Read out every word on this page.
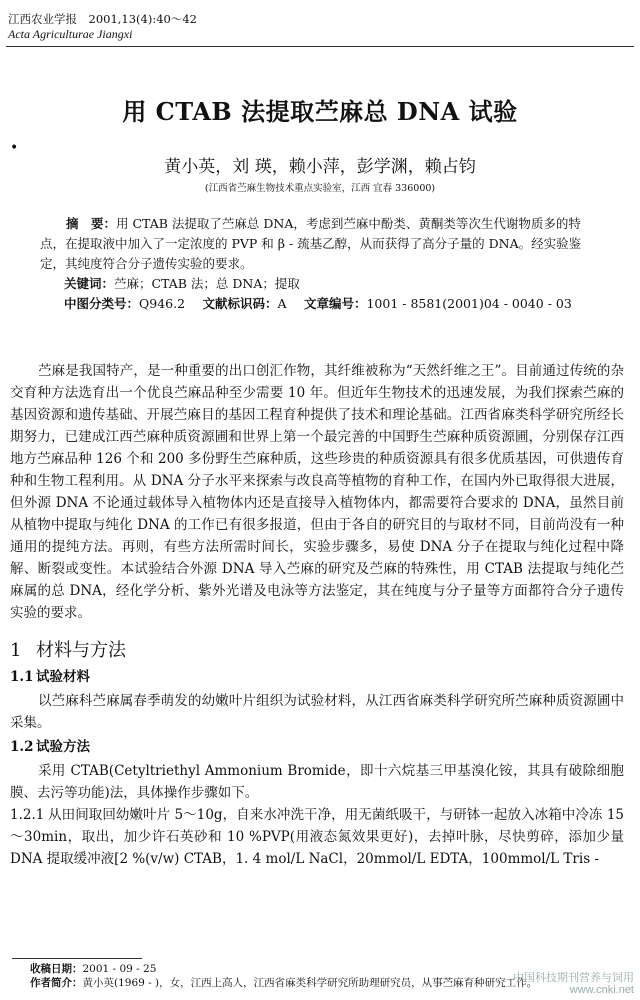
江西农业学报　2001,13(4):40～42
Acta Agriculturae Jiangxi
用 CTAB 法提取苎麻总 DNA 试验
•
黄小英，刘 瑛，赖小萍，彭学渊，赖占钧
(江西省苎麻生物技术重点实验室，江西 宜春 336000)

摘　要：用 CTAB 法提取了苎麻总 DNA，考虑到苎麻中酚类、黄酮类等次生代谢物质多的特点，在提取液中加入了一定浓度的 PVP 和 β - 巯基乙醇，从而获得了高分子量的 DNA。经实验鉴定，其纯度符合分子遗传实验的要求。

关键词：苎麻；CTAB 法；总 DNA；提取
中图分类号：Q946.2 文献标识码：A 文章编号：1001 - 8581(2001)04 - 0040 - 03

苎麻是我国特产，是一种重要的出口创汇作物，其纤维被称为“天然纤维之王”。目前通过传统的杂交育种方法选育出一个优良苎麻品种至少需要 10 年。但近年生物技术的迅速发展，为我们探索苎麻的基因资源和遗传基础、开展苎麻目的基因工程育种提供了技术和理论基础。江西省麻类科学研究所经长期努力，已建成江西苎麻种质资源圃和世界上第一个最完善的中国野生苎麻种质资源圃，分别保存江西地方苎麻品种 126 个和 200 多份野生苎麻种质，这些珍贵的种质资源具有很多优质基因，可供遗传育种和生物工程利用。从 DNA 分子水平来探索与改良高等植物的育种工作，在国内外已取得很大进展，但外源 DNA 不论通过载体导入植物体内还是直接导入植物体内，都需要符合要求的 DNA，虽然目前从植物中提取与纯化 DNA 的工作已有很多报道，但由于各自的研究目的与取材不同，目前尚没有一种通用的提纯方法。再则，有些方法所需时间长，实验步骤多，易使 DNA 分子在提取与纯化过程中降解、断裂或变性。本试验结合外源 DNA 导入苎麻的研究及苎麻的特殊性，用 CTAB 法提取与纯化苎麻属的总 DNA，经化学分析、紫外光谱及电泳等方法鉴定，其在纯度与分子量等方面都符合分子遗传实验的要求。

1 材料与方法

1.1 试验材料

以苎麻科苎麻属春季萌发的幼嫩叶片组织为试验材料，从江西省麻类科学研究所苎麻种质资源圃中采集。

1.2 试验方法

采用 CTAB(Cetyltriethyl Ammonium Bromide，即十六烷基三甲基溴化铵，其具有破除细胞膜、去污等功能)法，具体操作步骤如下。

1.2.1 从田间取回幼嫩叶片 5～10g，自来水冲洗干净，用无菌纸吸干，与研钵一起放入冰箱中冷冻 15～30min，取出，加少许石英砂和 10 %PVP(用液态氮效果更好)，去掉叶脉，尽快剪碎，添加少量 DNA 提取缓冲液[2 %(v/w) CTAB，1. 4 mol/L NaCl，20mmol/L EDTA，100mmol/L Tris -

收稿日期：2001 - 09 - 25
作者简介：黄小英(1969 - )，女，江西上高人，江西省麻类科学研究所助理研究员，从事苎麻育种研究工作。
中国科技期刊营养与饲用
www.cnki.net
